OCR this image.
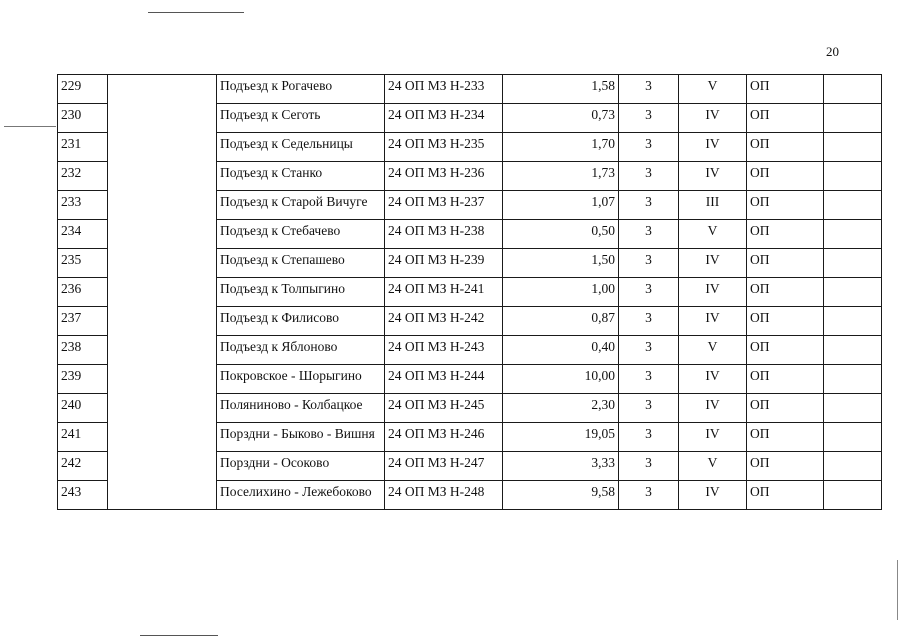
20
229		Подъезд к Рогачево	24 ОП МЗ Н-233	1,58	3	V	ОП	
230		Подъезд к Сеготь	24 ОП МЗ Н-234	0,73	3	IV	ОП	
231		Подъезд к Седельницы	24 ОП МЗ Н-235	1,70	3	IV	ОП	
232		Подъезд к Станко	24 ОП МЗ Н-236	1,73	3	IV	ОП	
233		Подъезд к Старой Вичуге	24 ОП МЗ Н-237	1,07	3	III	ОП	
234		Подъезд к Стебачево	24 ОП МЗ Н-238	0,50	3	V	ОП	
235		Подъезд к Степашево	24 ОП МЗ Н-239	1,50	3	IV	ОП	
236		Подъезд к Толпыгино	24 ОП МЗ Н-241	1,00	3	IV	ОП	
237		Подъезд к Филисово	24 ОП МЗ Н-242	0,87	3	IV	ОП	
238		Подъезд к Яблоново	24 ОП МЗ Н-243	0,40	3	V	ОП	
239		Покровское - Шорыгино	24 ОП МЗ Н-244	10,00	3	IV	ОП	
240		Полянинoво - Колбацкое	24 ОП МЗ Н-245	2,30	3	IV	ОП	
241		Порздни - Быково - Вишня	24 ОП МЗ Н-246	19,05	3	IV	ОП	
242		Порздни - Осоково	24 ОП МЗ Н-247	3,33	3	V	ОП	
243		Поселихино - Лежебоково	24 ОП МЗ Н-248	9,58	3	IV	ОП	
